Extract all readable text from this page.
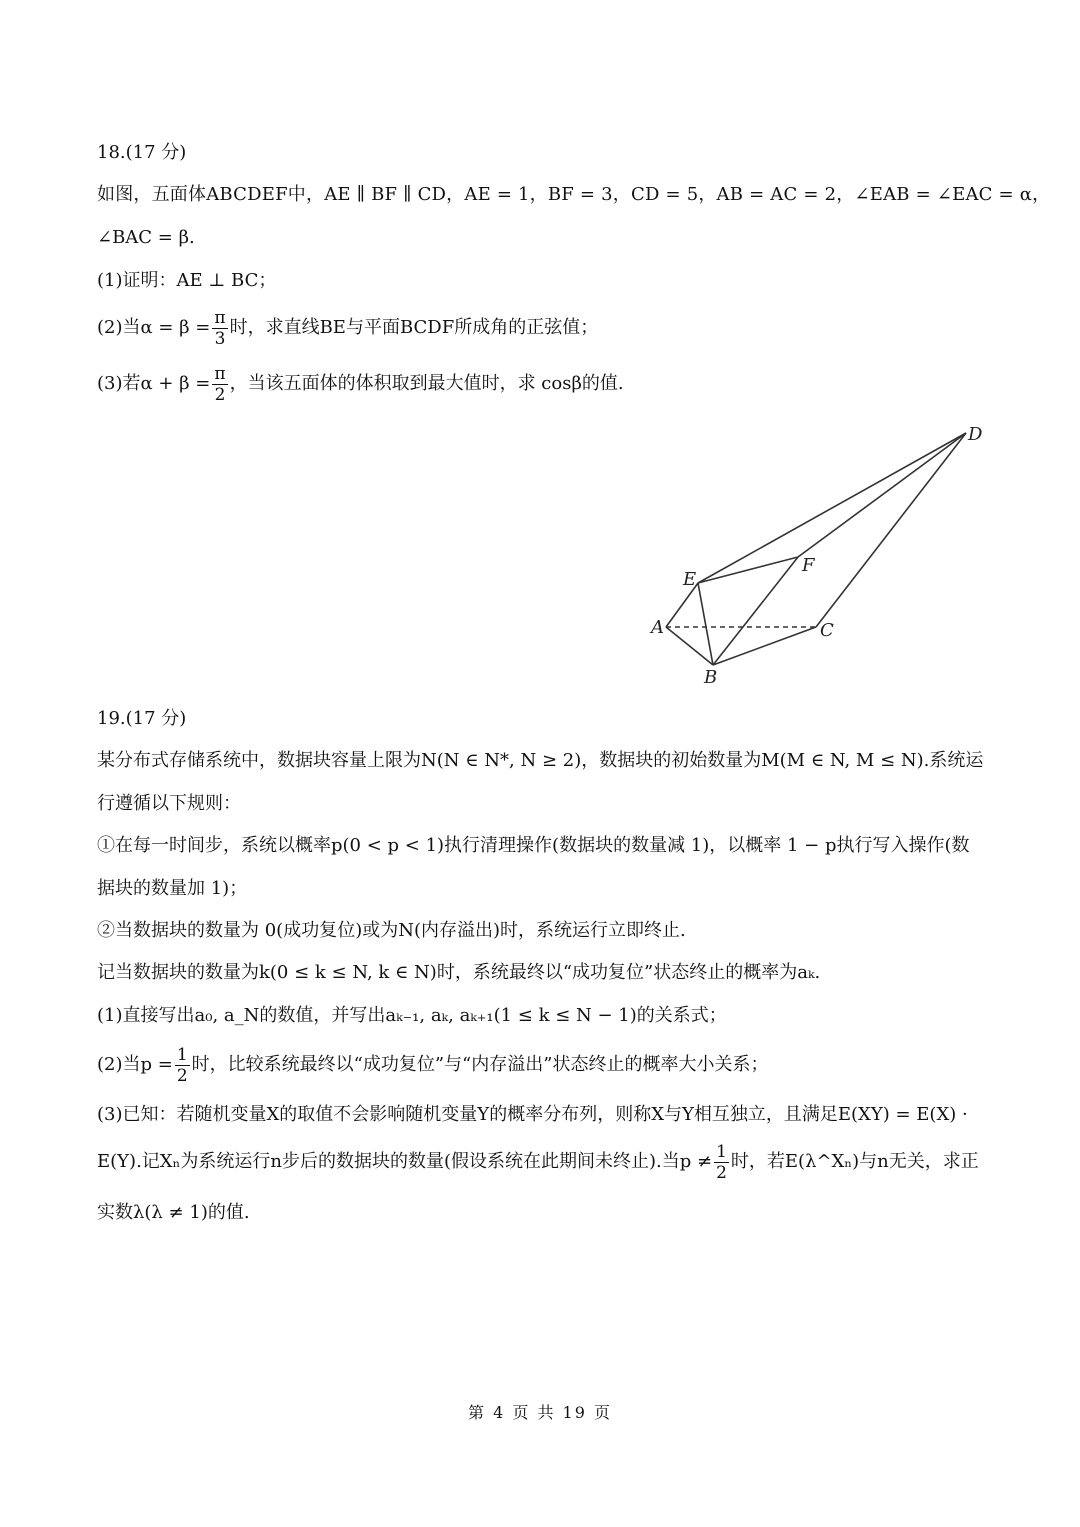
18.(17 分)
如图，五面体ABCDEF中，AE ∥ BF ∥ CD，AE = 1，BF = 3，CD = 5，AB = AC = 2，∠EAB = ∠EAC = α，
∠BAC = β.
(1)证明：AE ⊥ BC；
(2)当$\alpha = \beta = \frac{\pi}{3}$ 时，求直线BE与平面BCDF所成角的正弦值；
(3)若$\alpha + \beta = \frac{\pi}{2}$ ，当该五面体的体积取到最大值时，求 cosβ的值.
A
B
C
D
E
F
19.(17 分)
某分布式存储系统中，数据块容量上限为N(N ∈ N*, N ≥ 2)，数据块的初始数量为M(M ∈ N, M ≤ N).系统运
行遵循以下规则：
①在每一时间步，系统以概率p(0 < p < 1)执行清理操作(数据块的数量减 1)，以概率 1 − p执行写入操作(数
据块的数量加 1)；
②当数据块的数量为 0(成功复位)或为N(内存溢出)时，系统运行立即终止.
记当数据块的数量为k(0 ≤ k ≤ N, k ∈ N)时，系统最终以“成功复位”状态终止的概率为aₖ.
(1)直接写出a₀, a_N的数值，并写出aₖ₋₁, aₖ, aₖ₊₁(1 ≤ k ≤ N − 1)的关系式；
(2)当$p = \frac{1}{2}$ 时，比较系统最终以“成功复位”与“内存溢出”状态终止的概率大小关系；
(3)已知：若随机变量X的取值不会影响随机变量Y的概率分布列，则称X与Y相互独立，且满足E(XY) = E(X) ·
E(Y).记Xₙ为系统运行n步后的数据块的数量(假设系统在此期间未终止).当$p \ne \frac{1}{2}$ 时，若E(λ^Xₙ)与n无关，求正
实数λ(λ ≠ 1)的值.
第 4 页 共 19 页
